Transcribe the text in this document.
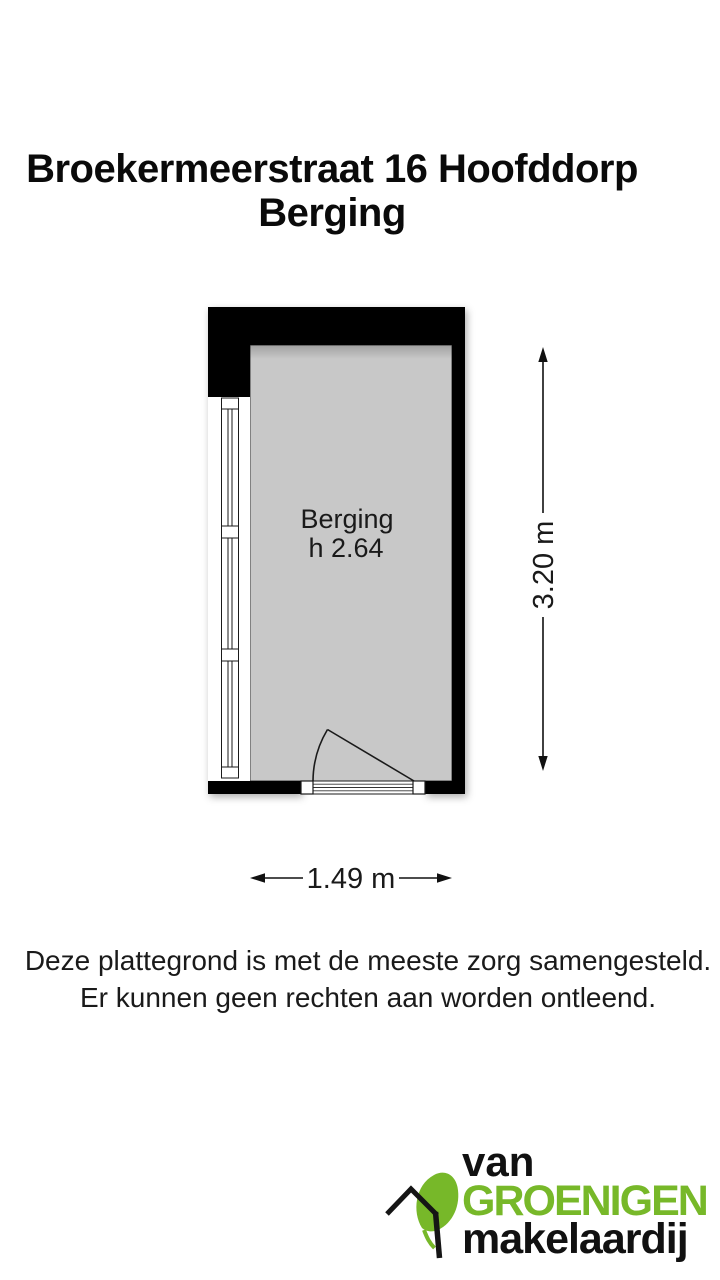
Broekermeerstraat 16 Hoofddorp
Berging
Berging
h 2.64	3.20 m
1.49 m
Deze plattegrond is met de meeste zorg samengesteld.
Er kunnen geen rechten aan worden ontleend.
van
GROENIGEN
makelaardij
